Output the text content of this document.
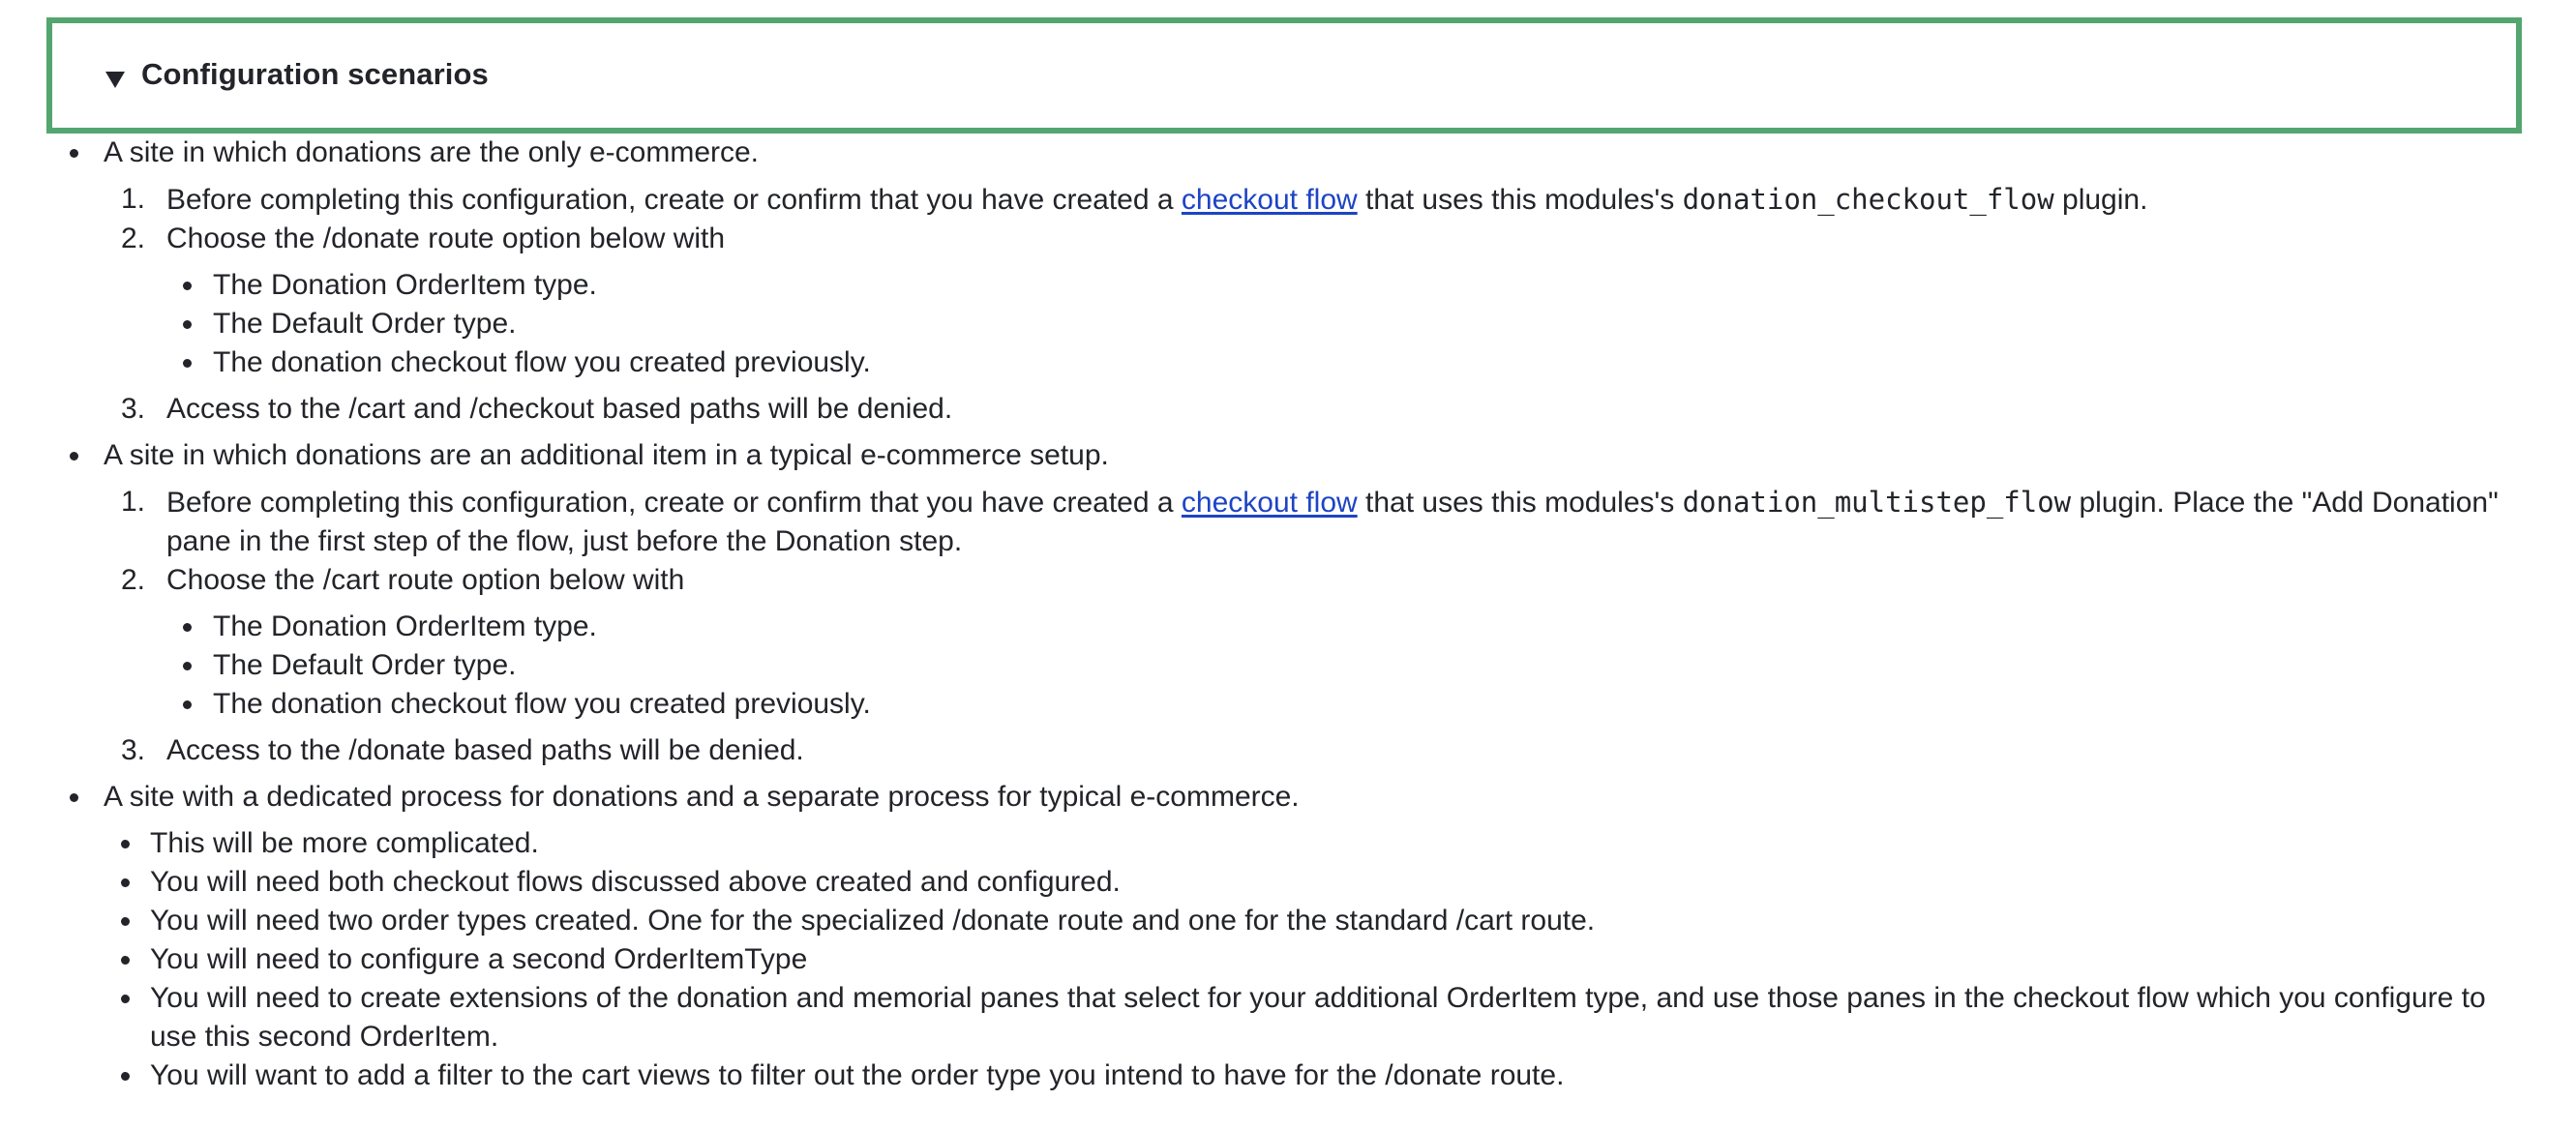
Configuration scenarios
A site in which donations are the only e-commerce.
1. Before completing this configuration, create or confirm that you have created a checkout flow that uses this modules's donation_checkout_flow plugin.
2. Choose the /donate route option below with
The Donation OrderItem type.
The Default Order type.
The donation checkout flow you created previously.
3. Access to the /cart and /checkout based paths will be denied.
A site in which donations are an additional item in a typical e-commerce setup.
1. Before completing this configuration, create or confirm that you have created a checkout flow that uses this modules's donation_multistep_flow plugin. Place the "Add Donation" pane in the first step of the flow, just before the Donation step.
2. Choose the /cart route option below with
The Donation OrderItem type.
The Default Order type.
The donation checkout flow you created previously.
3. Access to the /donate based paths will be denied.
A site with a dedicated process for donations and a separate process for typical e-commerce.
This will be more complicated.
You will need both checkout flows discussed above created and configured.
You will need two order types created. One for the specialized /donate route and one for the standard /cart route.
You will need to configure a second OrderItemType
You will need to create extensions of the donation and memorial panes that select for your additional OrderItem type, and use those panes in the checkout flow which you configure to use this second OrderItem.
You will want to add a filter to the cart views to filter out the order type you intend to have for the /donate route.
